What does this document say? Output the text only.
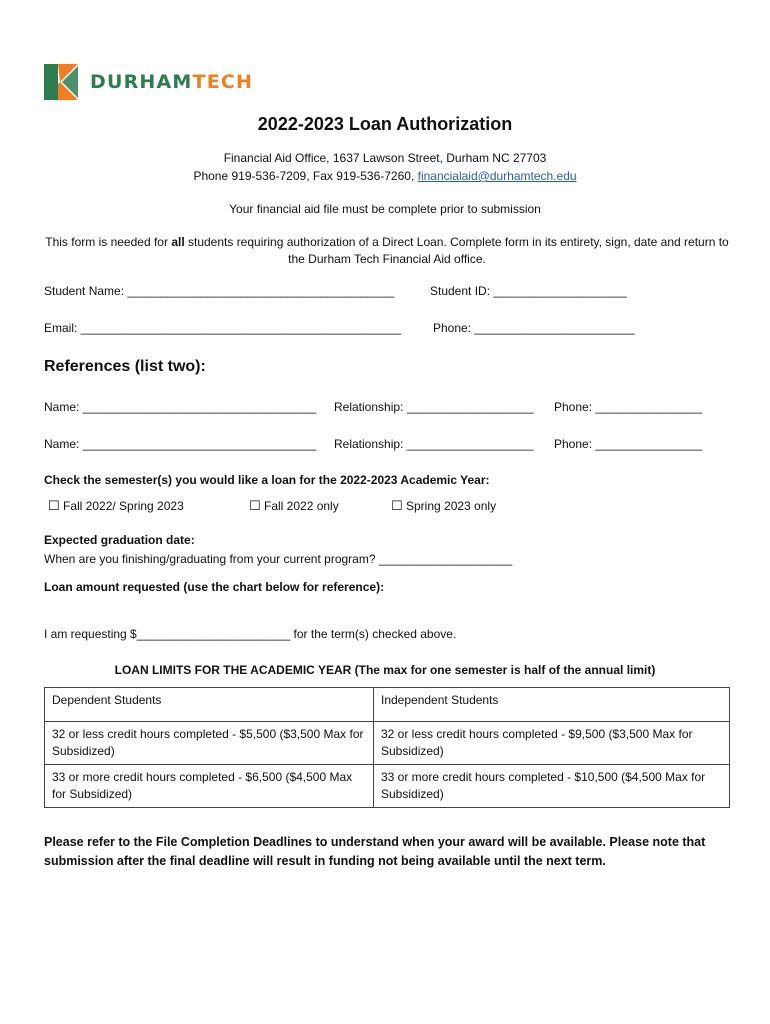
DURHAMTECH
2022-2023 Loan Authorization
Financial Aid Office, 1637 Lawson Street, Durham NC 27703
Phone 919-536-7209, Fax 919-536-7260, financialaid@durhamtech.edu
Your financial aid file must be complete prior to submission
This form is needed for all students requiring authorization of a Direct Loan. Complete form in its entirety, sign, date and return to the Durham Tech Financial Aid office.
Student Name: ________________________________________	Student ID: ____________________
Email: ________________________________________________	Phone: ________________________
References (list two):
Name: ___________________________________ Relationship: ___________________ Phone: ________________
Name: ___________________________________ Relationship: ___________________ Phone: ________________
Check the semester(s) you would like a loan for the 2022-2023 Academic Year:
☐ Fall 2022/ Spring 2023	☐ Fall 2022 only	☐ Spring 2023 only
Expected graduation date:
When are you finishing/graduating from your current program? ____________________
Loan amount requested (use the chart below for reference):
I am requesting $_______________________ for the term(s) checked above.
LOAN LIMITS FOR THE ACADEMIC YEAR (The max for one semester is half of the annual limit)
Dependent Students	Independent Students
32 or less credit hours completed - $5,500 ($3,500 Max for Subsidized)	32 or less credit hours completed - $9,500 ($3,500 Max for Subsidized)
33 or more credit hours completed - $6,500 ($4,500 Max for Subsidized)	33 or more credit hours completed - $10,500 ($4,500 Max for Subsidized)
Please refer to the File Completion Deadlines to understand when your award will be available. Please note that submission after the final deadline will result in funding not being available until the next term.
